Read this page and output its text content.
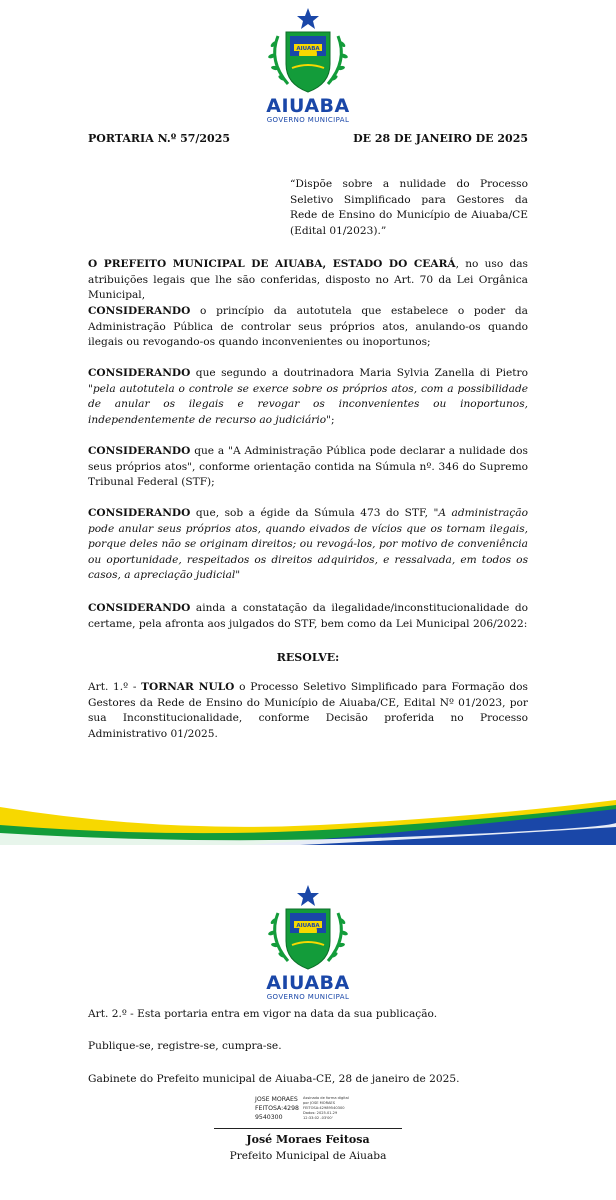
AIUABA
AIUABA
GOVERNO MUNICIPAL
PORTARIA N.º 57/2025	DE 28 DE JANEIRO DE 2025
“Dispõe sobre a nulidade do Processo Seletivo Simplificado para Gestores da Rede de Ensino do Município de Aiuaba/CE (Edital 01/2023).”
O PREFEITO MUNICIPAL DE AIUABA, ESTADO DO CEARÁ, no uso das atribuições legais que lhe são conferidas, disposto no Art. 70 da Lei Orgânica Municipal,
CONSIDERANDO o princípio da autotutela que estabelece o poder da Administração Pública de controlar seus próprios atos, anulando-os quando ilegais ou revogando-os quando inconvenientes ou inoportunos;
CONSIDERANDO que segundo a doutrinadora Maria Sylvia Zanella di Pietro "pela autotutela o controle se exerce sobre os próprios atos, com a possibilidade de anular os ilegais e revogar os inconvenientes ou inoportunos, independentemente de recurso ao judiciário";
CONSIDERANDO que a "A Administração Pública pode declarar a nulidade dos seus próprios atos", conforme orientação contida na Súmula nº. 346 do Supremo Tribunal Federal (STF);
CONSIDERANDO que, sob a égide da Súmula 473 do STF, "A administração pode anular seus próprios atos, quando eivados de vícios que os tornam ilegais, porque deles não se originam direitos; ou revogá-los, por motivo de conveniência ou oportunidade, respeitados os direitos adquiridos, e ressalvada, em todos os casos, a apreciação judicial"
CONSIDERANDO ainda a constatação da ilegalidade/inconstitucionalidade do certame, pela afronta aos julgados do STF, bem como da Lei Municipal 206/2022:
RESOLVE:
Art. 1.º - TORNAR NULO o Processo Seletivo Simplificado para Formação dos Gestores da Rede de Ensino do Município de Aiuaba/CE, Edital Nº 01/2023, por sua Inconstitucionalidade, conforme Decisão proferida no Processo Administrativo 01/2025.
AIUABA
AIUABA
GOVERNO MUNICIPAL
Art. 2.º - Esta portaria entra em vigor na data da sua publicação.
Publique-se, registre-se, cumpra-se.
Gabinete do Prefeito municipal de Aiuaba-CE, 28 de janeiro de 2025.
JOSE MORAES
FEITOSA:4298
9540300
Assinado de forma digital
por JOSE MORAES
FEITOSA:42989540300
Dados: 2025.01.29
12:33:02 -03'00'
José Moraes Feitosa
Prefeito Municipal de Aiuaba
